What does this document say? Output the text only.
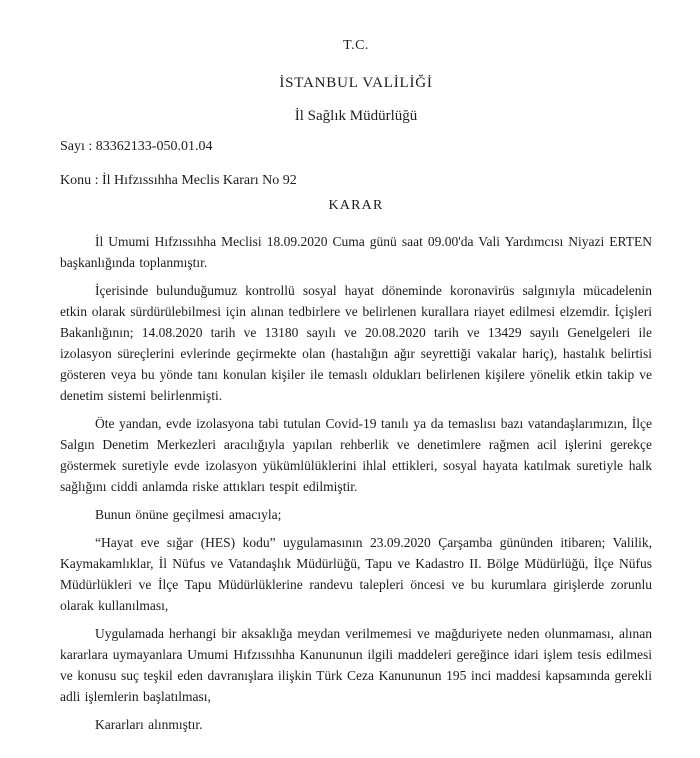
T.C.
İSTANBUL VALİLİĞİ
İl Sağlık Müdürlüğü
Sayı : 83362133-050.01.04
Konu : İl Hıfzıssıhha Meclis Kararı No 92
KARAR

İl Umumi Hıfzıssıhha Meclisi 18.09.2020 Cuma günü saat 09.00'da Vali Yardımcısı Niyazi ERTEN başkanlığında toplanmıştır.

İçerisinde bulunduğumuz kontrollü sosyal hayat döneminde koronavirüs salgınıyla mücadelenin etkin olarak sürdürülebilmesi için alınan tedbirlere ve belirlenen kurallara riayet edilmesi elzemdir. İçişleri Bakanlığının; 14.08.2020 tarih ve 13180 sayılı ve 20.08.2020 tarih ve 13429 sayılı Genelgeleri ile izolasyon süreçlerini evlerinde geçirmekte olan (hastalığın ağır seyrettiği vakalar hariç), hastalık belirtisi gösteren veya bu yönde tanı konulan kişiler ile temaslı oldukları belirlenen kişilere yönelik etkin takip ve denetim sistemi belirlenmişti.

Öte yandan, evde izolasyona tabi tutulan Covid-19 tanılı ya da temaslısı bazı vatandaşlarımızın, İlçe Salgın Denetim Merkezleri aracılığıyla yapılan rehberlik ve denetimlere rağmen acil işlerini gerekçe göstermek suretiyle evde izolasyon yükümlülüklerini ihlal ettikleri, sosyal hayata katılmak suretiyle halk sağlığını ciddi anlamda riske attıkları tespit edilmiştir.

Bunun önüne geçilmesi amacıyla;

“Hayat eve sığar (HES) kodu” uygulamasının 23.09.2020 Çarşamba gününden itibaren; Valilik, Kaymakamlıklar, İl Nüfus ve Vatandaşlık Müdürlüğü, Tapu ve Kadastro II. Bölge Müdürlüğü, İlçe Nüfus Müdürlükleri ve İlçe Tapu Müdürlüklerine randevu talepleri öncesi ve bu kurumlara girişlerde zorunlu olarak kullanılması,

Uygulamada herhangi bir aksaklığa meydan verilmemesi ve mağduriyete neden olunmaması, alınan kararlara uymayanlara Umumi Hıfzıssıhha Kanununun ilgili maddeleri gereğince idari işlem tesis edilmesi ve konusu suç teşkil eden davranışlara ilişkin Türk Ceza Kanununun 195 inci maddesi kapsamında gerekli adli işlemlerin başlatılması,

Kararları alınmıştır.
